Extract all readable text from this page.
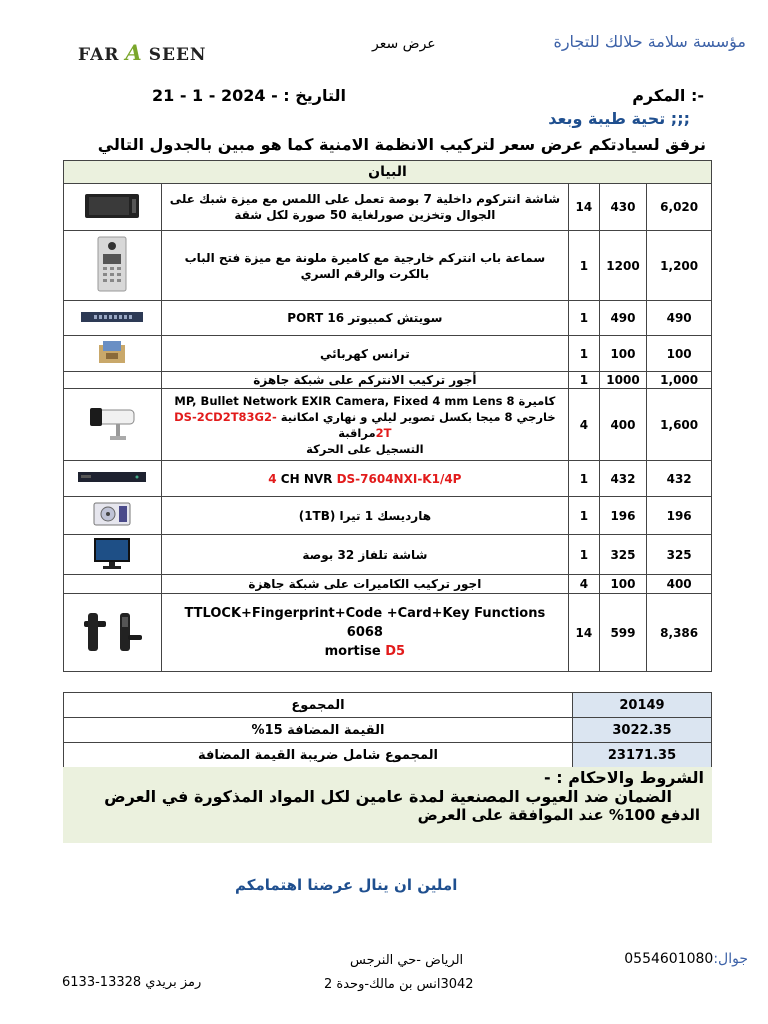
مؤسسة سلامة حلالك للتجارة
FAR A SEEN
عرض سعر
المكرم :-
التاريخ : - 21 - 1 - 2024
تحية طيبة وبعد ;;;
نرفق لسيادتكم عرض سعر لتركيب الانظمة الامنية كما هو مبين بالجدول التالي
البيان				
6,020	430	14	شاشة انتركوم داخلية 7 بوصة تعمل على اللمس مع ميزة شبك على الجوال وتخزين صورلغاية 50 صورة لكل شقة	
1,200	1200	1	سماعة باب انتركم خارجية مع كاميرة ملونة مع ميزة فتح الباب بالكرت والرقم السري	
490	490	1	سويتش كمبيوتر PORT 16	
100	100	1	ترانس كهربائي	
1,000	1000	1	أجور تركيب الانتركم على شبكة جاهزة	
1,600	400	4	كاميرة 8 MP, Bullet Network EXIR Camera, Fixed 4 mm Lens
خارجي 8 ميجا بكسل تصوير ليلي و نهاري امكانية DS-2CD2T83G2-2Tمراقبة
التسجيل على الحركة

432	432	1	4 CH NVR DS-7604NXI-K1/4P	
196	196	1	هارديسك 1 تيرا (1TB)	
325	325	1	شاشة تلفاز 32 بوصة	
400	100	4	اجور تركيب الكاميرات على شبكة جاهزة	
8,386	599	14	TTLOCK+Fingerprint+Code +Card+Key Functions 6068
mortise D5

20149	المجموع
3022.35	القيمة المضافة 15%
23171.35	المجموع شامل ضريبة القيمة المضافة
الشروط والاحكام : -
الضمان ضد العيوب المصنعية لمدة عامين لكل المواد المذكورة في العرض
الدفع 100% عند الموافقة على العرض
املين ان ينال عرضنا اهتمامكم
جوال:0554601080
الرياض -حي النرجس
3042انس بن مالك-وحدة 2
رمز بريدي 13328-6133
